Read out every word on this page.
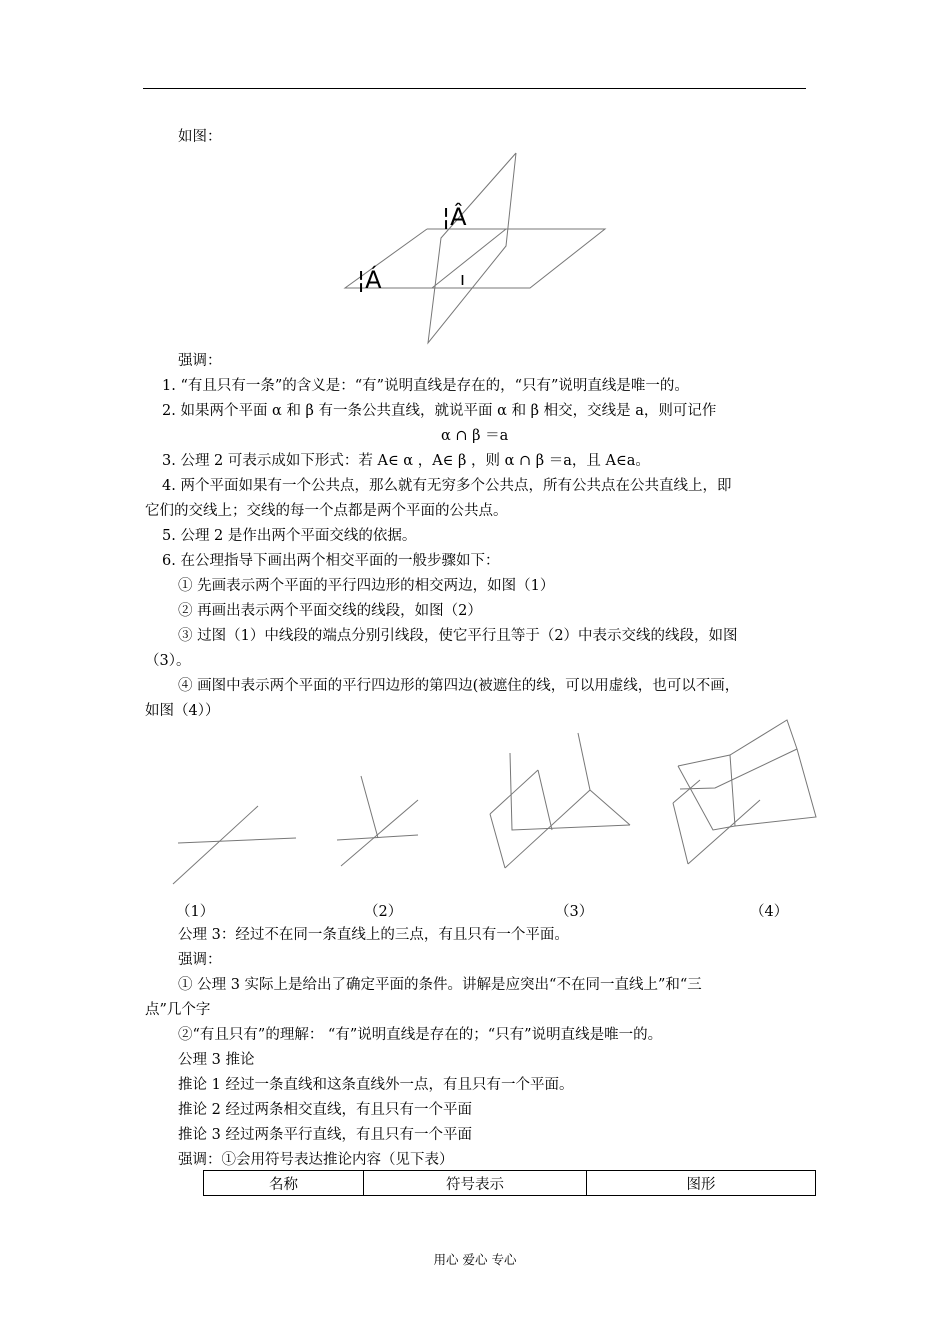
如图：
¦Â
¦Á	ı
强调：
1. “有且只有一条”的含义是：“有”说明直线是存在的，“只有”说明直线是唯一的。
2. 如果两个平面 α 和 β 有一条公共直线，就说平面 α 和 β 相交，交线是 a，则可记作
α ∩ β ＝a
3. 公理 2 可表示成如下形式：若 A∈ α ，A∈ β ，则 α ∩ β ＝a，且 A∈a。
4. 两个平面如果有一个公共点，那么就有无穷多个公共点，所有公共点在公共直线上，即
它们的交线上；交线的每一个点都是两个平面的公共点。
5. 公理 2 是作出两个平面交线的依据。
6. 在公理指导下画出两个相交平面的一般步骤如下：
① 先画表示两个平面的平行四边形的相交两边，如图（1）
② 再画出表示两个平面交线的线段，如图（2）
③ 过图（1）中线段的端点分别引线段，使它平行且等于（2）中表示交线的线段，如图
（3）。
④ 画图中表示两个平面的平行四边形的第四边(被遮住的线，可以用虚线，也可以不画，
如图（4））
（1）	（2）	（3）	（4）
公理 3：经过不在同一条直线上的三点，有且只有一个平面。
强调：
① 公理 3 实际上是给出了确定平面的条件。讲解是应突出“不在同一直线上”和“三
点”几个字
②“有且只有”的理解： “有”说明直线是存在的；“只有”说明直线是唯一的。
公理 3 推论
推论 1 经过一条直线和这条直线外一点，有且只有一个平面。
推论 2 经过两条相交直线，有且只有一个平面
推论 3 经过两条平行直线，有且只有一个平面
强调：①会用符号表达推论内容（见下表）
名称	符号表示	图形
用心 爱心 专心
